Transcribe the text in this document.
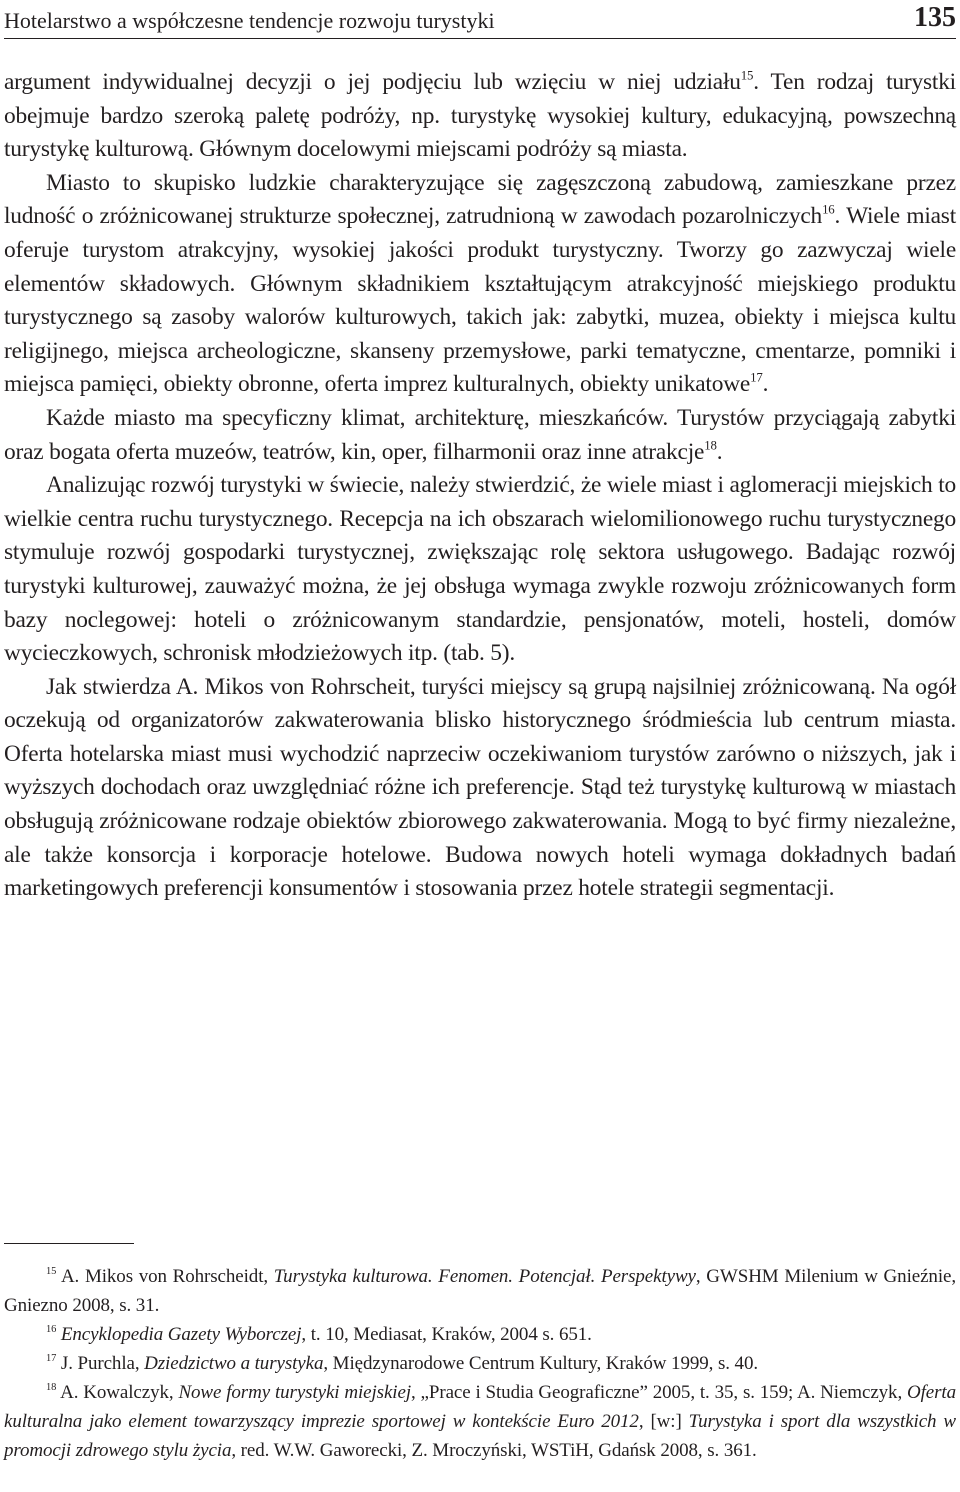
Hotelarstwo a współczesne tendencje rozwoju turystyki	135

argument indywidualnej decyzji o jej podjęciu lub wzięciu w niej udziału$^{15}$. Ten rodzaj turystki obejmuje bardzo szeroką paletę podróży, np. turystykę wysokiej kultury, edukacyjną, powszechną turystykę kulturową. Głównym docelowymi miejscami podróży są miasta.

Miasto to skupisko ludzkie charakteryzujące się zagęszczoną zabudową, zamieszkane przez ludność o zróżnicowanej strukturze społecznej, zatrudnioną w zawodach pozarolniczych$^{16}$. Wiele miast oferuje turystom atrakcyjny, wysokiej jakości produkt turystyczny. Tworzy go zazwyczaj wiele elementów składowych. Głównym składnikiem kształtującym atrakcyjność miejskiego produktu turystycznego są zasoby walorów kulturowych, takich jak: zabytki, muzea, obiekty i miejsca kultu religijnego, miejsca archeologiczne, skanseny przemysłowe, parki tematyczne, cmentarze, pomniki i miejsca pamięci, obiekty obronne, oferta imprez kulturalnych, obiekty unikatowe$^{17}$.

Każde miasto ma specyficzny klimat, architekturę, mieszkańców. Turystów przyciągają zabytki oraz bogata oferta muzeów, teatrów, kin, oper, filharmonii oraz inne atrakcje$^{18}$.

Analizując rozwój turystyki w świecie, należy stwierdzić, że wiele miast i aglomeracji miejskich to wielkie centra ruchu turystycznego. Recepcja na ich obszarach wielomilionowego ruchu turystycznego stymuluje rozwój gospodarki turystycznej, zwiększając rolę sektora usługowego. Badając rozwój turystyki kulturowej, zauważyć można, że jej obsługa wymaga zwykle rozwoju zróżnicowanych form bazy noclegowej: hoteli o zróżnicowanym standardzie, pensjonatów, moteli, hosteli, domów wycieczkowych, schronisk młodzieżowych itp. (tab. 5).

Jak stwierdza A. Mikos von Rohrscheit, turyści miejscy są grupą najsilniej zróżnicowaną. Na ogół oczekują od organizatorów zakwaterowania blisko historycznego śródmieścia lub centrum miasta. Oferta hotelarska miast musi wychodzić naprzeciw oczekiwaniom turystów zarówno o niższych, jak i wyższych dochodach oraz uwzględniać różne ich preferencje. Stąd też turystykę kulturową w miastach obsługują zróżnicowane rodzaje obiektów zbiorowego zakwaterowania. Mogą to być firmy niezależne, ale także konsorcja i korporacje hotelowe. Budowa nowych hoteli wymaga dokładnych badań marketingowych preferencji konsumentów i stosowania przez hotele strategii segmentacji.

$^{15}$ A. Mikos von Rohrscheidt, Turystyka kulturowa. Fenomen. Potencjał. Perspektywy, GWSHM Milenium w Gnieźnie, Gniezno 2008, s. 31.

$^{16}$ Encyklopedia Gazety Wyborczej, t. 10, Mediasat, Kraków, 2004 s. 651.

$^{17}$ J. Purchla, Dziedzictwo a turystyka, Międzynarodowe Centrum Kultury, Kraków 1999, s. 40.

$^{18}$ A. Kowalczyk, Nowe formy turystyki miejskiej, „Prace i Studia Geograficzne” 2005, t. 35, s. 159; A. Niemczyk, Oferta kulturalna jako element towarzyszący imprezie sportowej w kontekście Euro 2012, [w:] Turystyka i sport dla wszystkich w promocji zdrowego stylu życia, red. W.W. Gaworecki, Z. Mroczyński, WSTiH, Gdańsk 2008, s. 361.
